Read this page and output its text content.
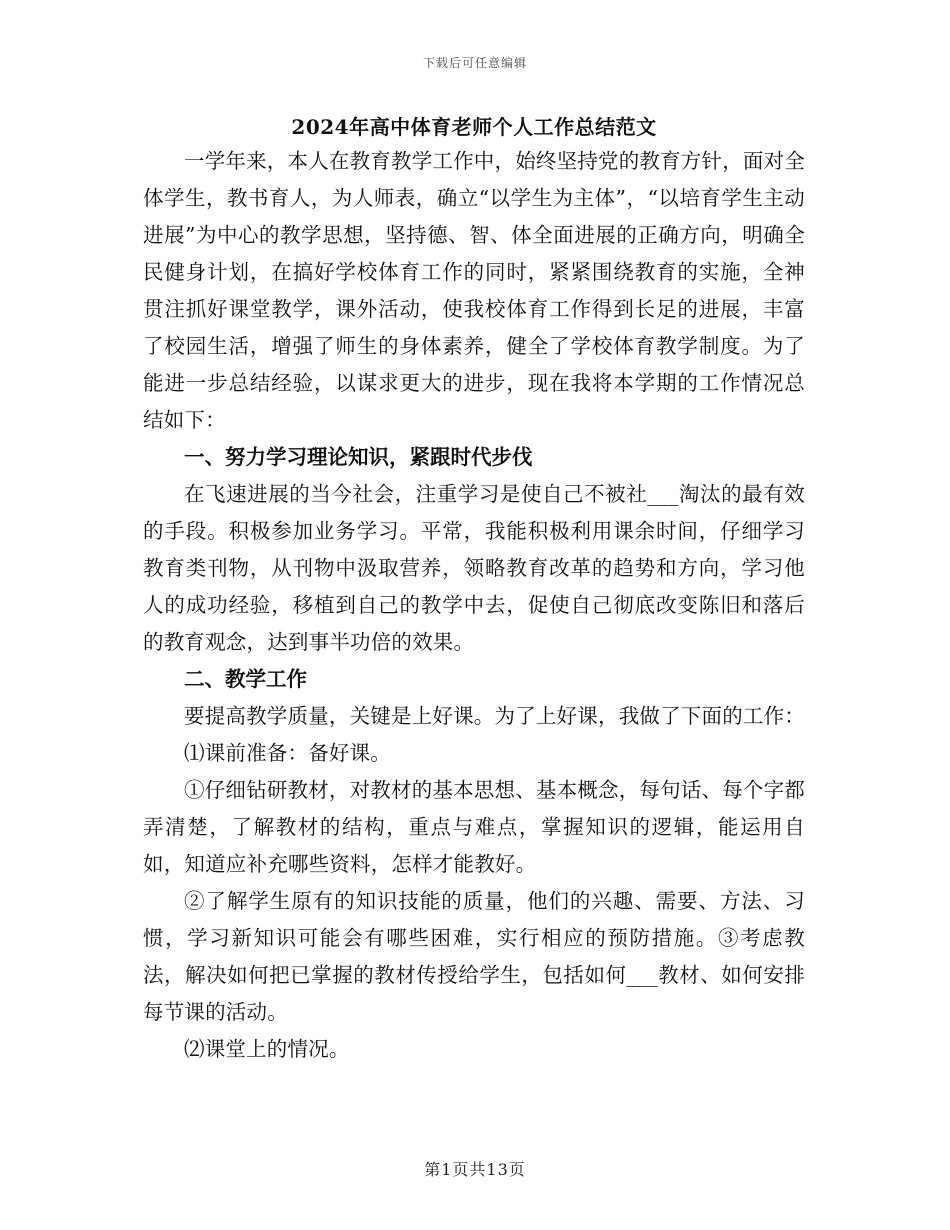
下载后可任意编辑
2024年高中体育老师个人工作总结范文

一学年来，本人在教育教学工作中，始终坚持党的教育方针，面对全体学生，教书育人，为人师表，确立“以学生为主体”，“以培育学生主动进展”为中心的教学思想，坚持德、智、体全面进展的正确方向，明确全民健身计划，在搞好学校体育工作的同时，紧紧围绕教育的实施，全神贯注抓好课堂教学，课外活动，使我校体育工作得到长足的进展，丰富了校园生活，增强了师生的身体素养，健全了学校体育教学制度。为了能进一步总结经验，以谋求更大的进步，现在我将本学期的工作情况总结如下：

一、努力学习理论知识，紧跟时代步伐

在飞速进展的当今社会，注重学习是使自己不被社___淘汰的最有效的手段。积极参加业务学习。平常，我能积极利用课余时间，仔细学习教育类刊物，从刊物中汲取营养，领略教育改革的趋势和方向，学习他人的成功经验，移植到自己的教学中去，促使自己彻底改变陈旧和落后的教育观念，达到事半功倍的效果。

二、教学工作

要提高教学质量，关键是上好课。为了上好课，我做了下面的工作：

⑴课前准备：备好课。

①仔细钻研教材，对教材的基本思想、基本概念，每句话、每个字都弄清楚，了解教材的结构，重点与难点，掌握知识的逻辑，能运用自如，知道应补充哪些资料，怎样才能教好。

②了解学生原有的知识技能的质量，他们的兴趣、需要、方法、习惯，学习新知识可能会有哪些困难，实行相应的预防措施。③考虑教法，解决如何把已掌握的教材传授给学生，包括如何___教材、如何安排每节课的活动。

⑵课堂上的情况。

第1页共13页
